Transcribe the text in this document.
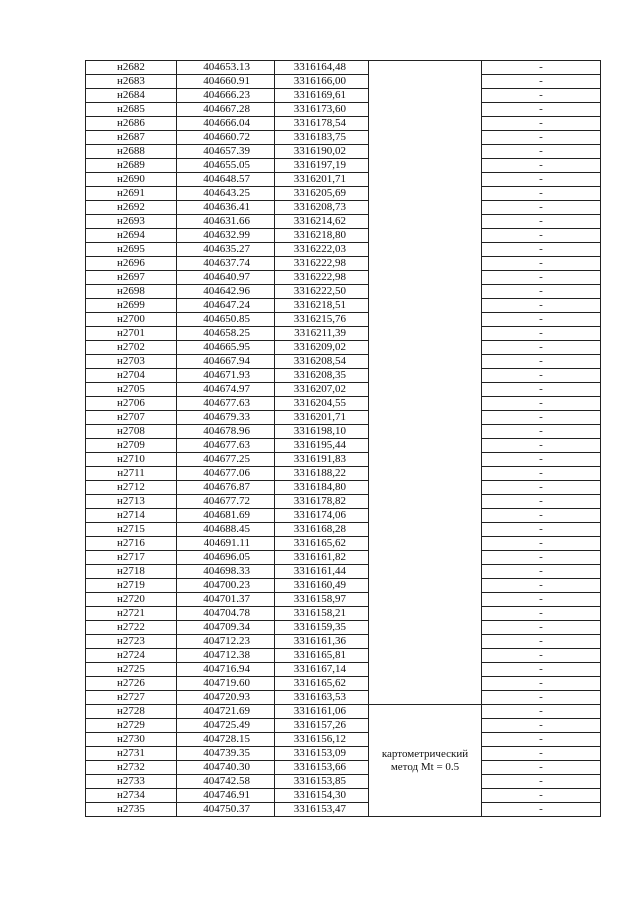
н2682	404653.13	3316164,48		-
н2683	404660.91	3316166,00		-
н2684	404666.23	3316169,61		-
н2685	404667.28	3316173,60		-
н2686	404666.04	3316178,54		-
н2687	404660.72	3316183,75		-
н2688	404657.39	3316190,02		-
н2689	404655.05	3316197,19		-
н2690	404648.57	3316201,71		-
н2691	404643.25	3316205,69		-
н2692	404636.41	3316208,73		-
н2693	404631.66	3316214,62		-
н2694	404632.99	3316218,80		-
н2695	404635.27	3316222,03		-
н2696	404637.74	3316222,98		-
н2697	404640.97	3316222,98		-
н2698	404642.96	3316222,50		-
н2699	404647.24	3316218,51		-
н2700	404650.85	3316215,76		-
н2701	404658.25	3316211,39		-
н2702	404665.95	3316209,02		-
н2703	404667.94	3316208,54		-
н2704	404671.93	3316208,35		-
н2705	404674.97	3316207,02		-
н2706	404677.63	3316204,55		-
н2707	404679.33	3316201,71		-
н2708	404678.96	3316198,10		-
н2709	404677.63	3316195,44		-
н2710	404677.25	3316191,83		-
н2711	404677.06	3316188,22		-
н2712	404676.87	3316184,80		-
н2713	404677.72	3316178,82		-
н2714	404681.69	3316174,06		-
н2715	404688.45	3316168,28		-
н2716	404691.11	3316165,62		-
н2717	404696.05	3316161,82		-
н2718	404698.33	3316161,44		-
н2719	404700.23	3316160,49		-
н2720	404701.37	3316158,97		-
н2721	404704.78	3316158,21		-
н2722	404709.34	3316159,35		-
н2723	404712.23	3316161,36		-
н2724	404712.38	3316165,81		-
н2725	404716.94	3316167,14		-
н2726	404719.60	3316165,62		-
н2727	404720.93	3316163,53		-
н2728	404721.69	3316161,06	картометрический метод Mt = 0.5	-
н2729	404725.49	3316157,26		-
н2730	404728.15	3316156,12		-
н2731	404739.35	3316153,09		-
н2732	404740.30	3316153,66		-
н2733	404742.58	3316153,85		-
н2734	404746.91	3316154,30		-
н2735	404750.37	3316153,47		-
